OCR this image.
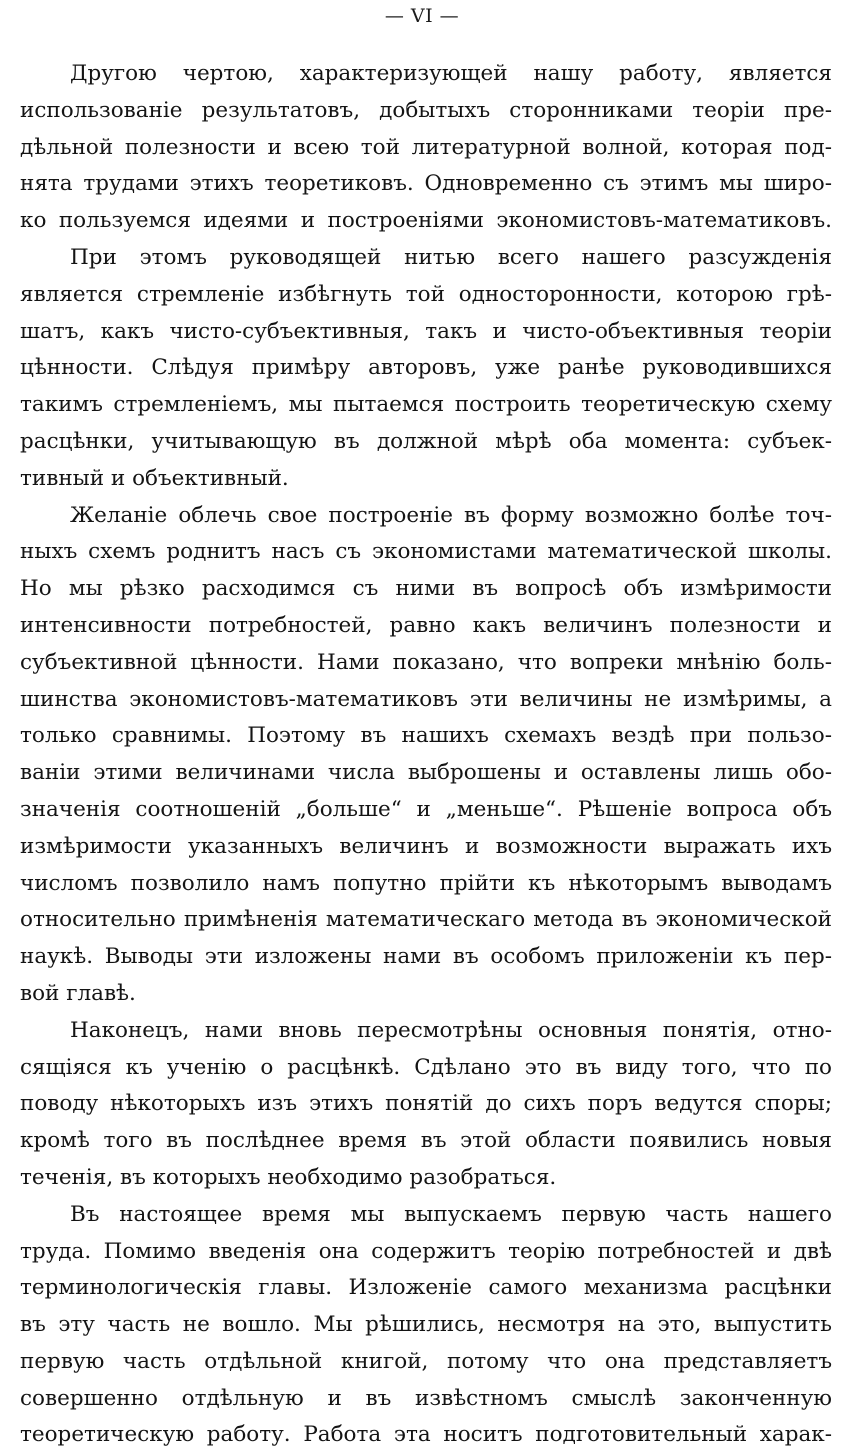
— VI —
Другою чертою, характеризующей нашу работу, является
использованіе результатовъ, добытыхъ сторонниками теоріи пре-
дѣльной полезности и всею той литературной волной, которая под-
нята трудами этихъ теоретиковъ. Одновременно съ этимъ мы широ-
ко пользуемся идеями и построеніями экономистовъ-математиковъ.
При этомъ руководящей нитью всего нашего разсужденія
является стремленіе избѣгнуть той односторонности, которою грѣ-
шатъ, какъ чисто-субъективныя, такъ и чисто-объективныя теоріи
цѣнности. Слѣдуя примѣру авторовъ, уже ранѣе руководившихся
такимъ стремленіемъ, мы пытаемся построить теоретическую схему
расцѣнки, учитывающую въ должной мѣрѣ оба момента: субъек-
тивный и объективный.
Желаніе облечь свое построеніе въ форму возможно болѣе точ-
ныхъ схемъ роднитъ насъ съ экономистами математической школы.
Но мы рѣзко расходимся съ ними въ вопросѣ объ измѣримости
интенсивности потребностей, равно какъ величинъ полезности и
субъективной цѣнности. Нами показано, что вопреки мнѣнію боль-
шинства экономистовъ-математиковъ эти величины не измѣримы, а
только сравнимы. Поэтому въ нашихъ схемахъ вездѣ при пользо-
ваніи этими величинами числа выброшены и оставлены лишь обо-
значенія соотношеній „больше“ и „меньше“. Рѣшеніе вопроса объ
измѣримости указанныхъ величинъ и возможности выражать ихъ
числомъ позволило намъ попутно прійти къ нѣкоторымъ выводамъ
относительно примѣненія математическаго метода въ экономической
наукѣ. Выводы эти изложены нами въ особомъ приложеніи къ пер-
вой главѣ.
Наконецъ, нами вновь пересмотрѣны основныя понятія, отно-
сящіяся къ ученію о расцѣнкѣ. Сдѣлано это въ виду того, что по
поводу нѣкоторыхъ изъ этихъ понятій до сихъ поръ ведутся споры;
кромѣ того въ послѣднее время въ этой области появились новыя
теченія, въ которыхъ необходимо разобраться.
Въ настоящее время мы выпускаемъ первую часть нашего
труда. Помимо введенія она содержитъ теорію потребностей и двѣ
терминологическія главы. Изложеніе самого механизма расцѣнки
въ эту часть не вошло. Мы рѣшились, несмотря на это, выпустить
первую часть отдѣльной книгой, потому что она представляетъ
совершенно отдѣльную и въ извѣстномъ смыслѣ законченную
теоретическую работу. Работа эта носитъ подготовительный харак-
